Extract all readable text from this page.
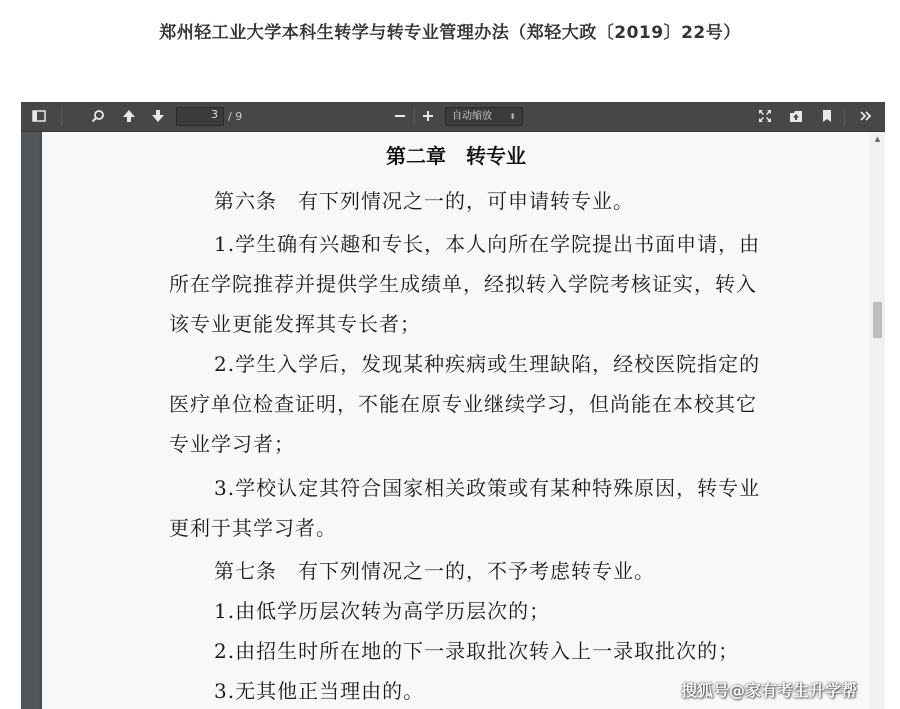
郑州轻工业大学本科生转学与转专业管理办法（郑轻大政〔2019〕22号）
3 / 9	自动缩放 ⬍
第二章　转专业
第六条　有下列情况之一的，可申请转专业。
1.学生确有兴趣和专长，本人向所在学院提出书面申请，由
所在学院推荐并提供学生成绩单，经拟转入学院考核证实，转入
该专业更能发挥其专长者；
2.学生入学后，发现某种疾病或生理缺陷，经校医院指定的
医疗单位检查证明，不能在原专业继续学习，但尚能在本校其它
专业学习者；
3.学校认定其符合国家相关政策或有某种特殊原因，转专业
更利于其学习者。
第七条　有下列情况之一的，不予考虑转专业。
1.由低学历层次转为高学历层次的；
2.由招生时所在地的下一录取批次转入上一录取批次的；
3.无其他正当理由的。
▲
搜狐号@家有考生升学帮
